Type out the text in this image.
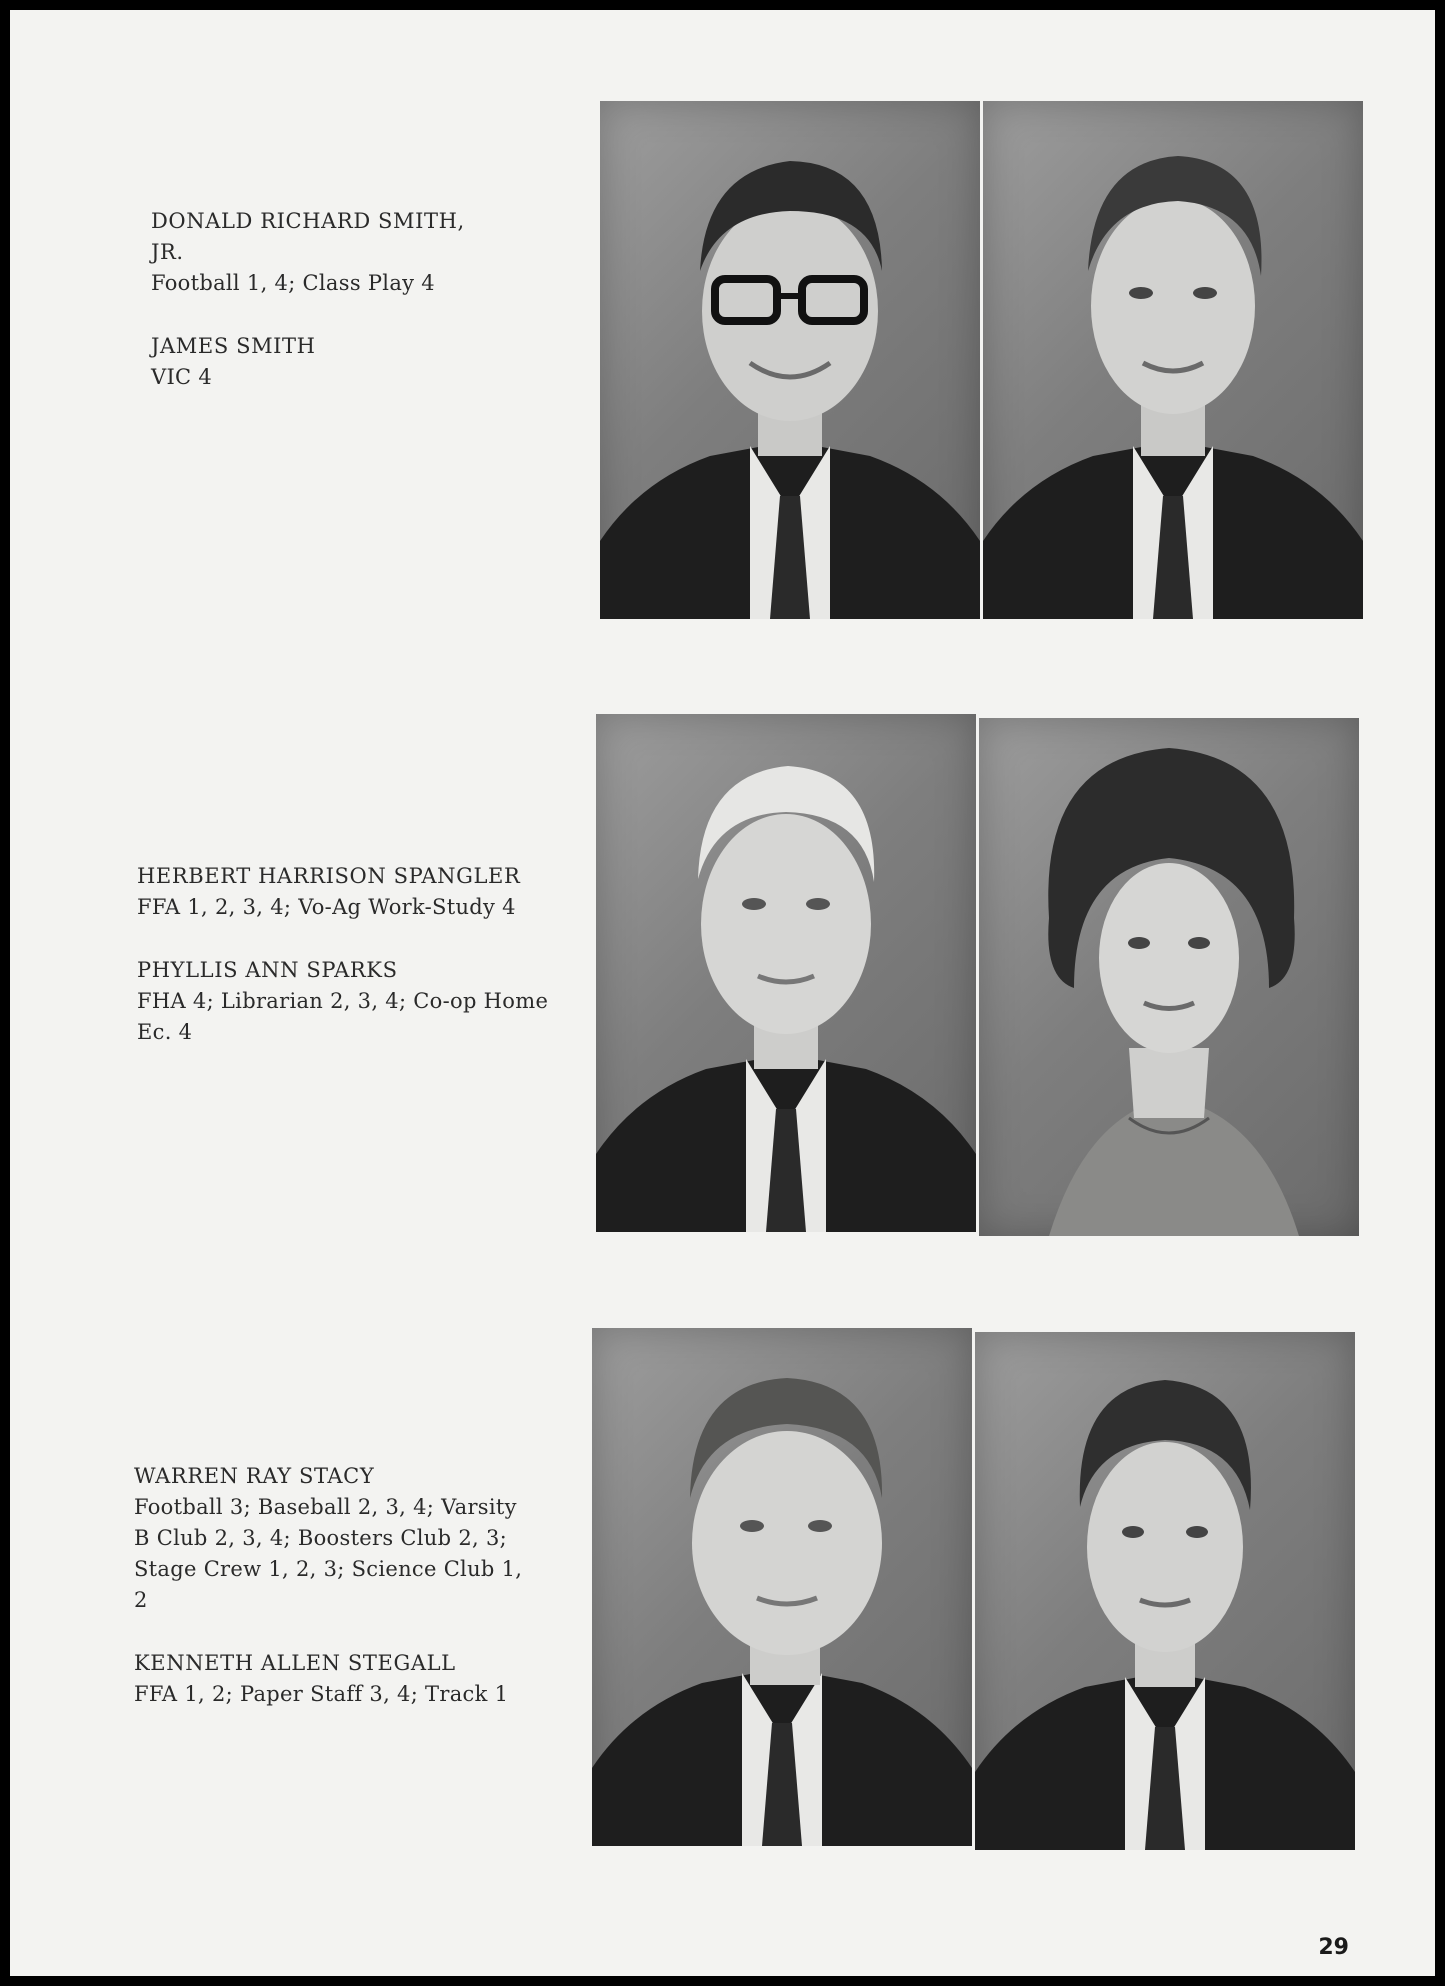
DONALD RICHARD SMITH, JR.
Football 1, 4; Class Play 4
JAMES SMITH
VIC 4
HERBERT HARRISON SPANGLER
FFA 1, 2, 3, 4; Vo-Ag Work-Study 4
PHYLLIS ANN SPARKS
FHA 4; Librarian 2, 3, 4; Co-op Home Ec. 4
WARREN RAY STACY
Football 3; Baseball 2, 3, 4; Varsity B Club 2, 3, 4; Boosters Club 2, 3; Stage Crew 1, 2, 3; Science Club 1, 2
KENNETH ALLEN STEGALL
FFA 1, 2; Paper Staff 3, 4; Track 1
29
